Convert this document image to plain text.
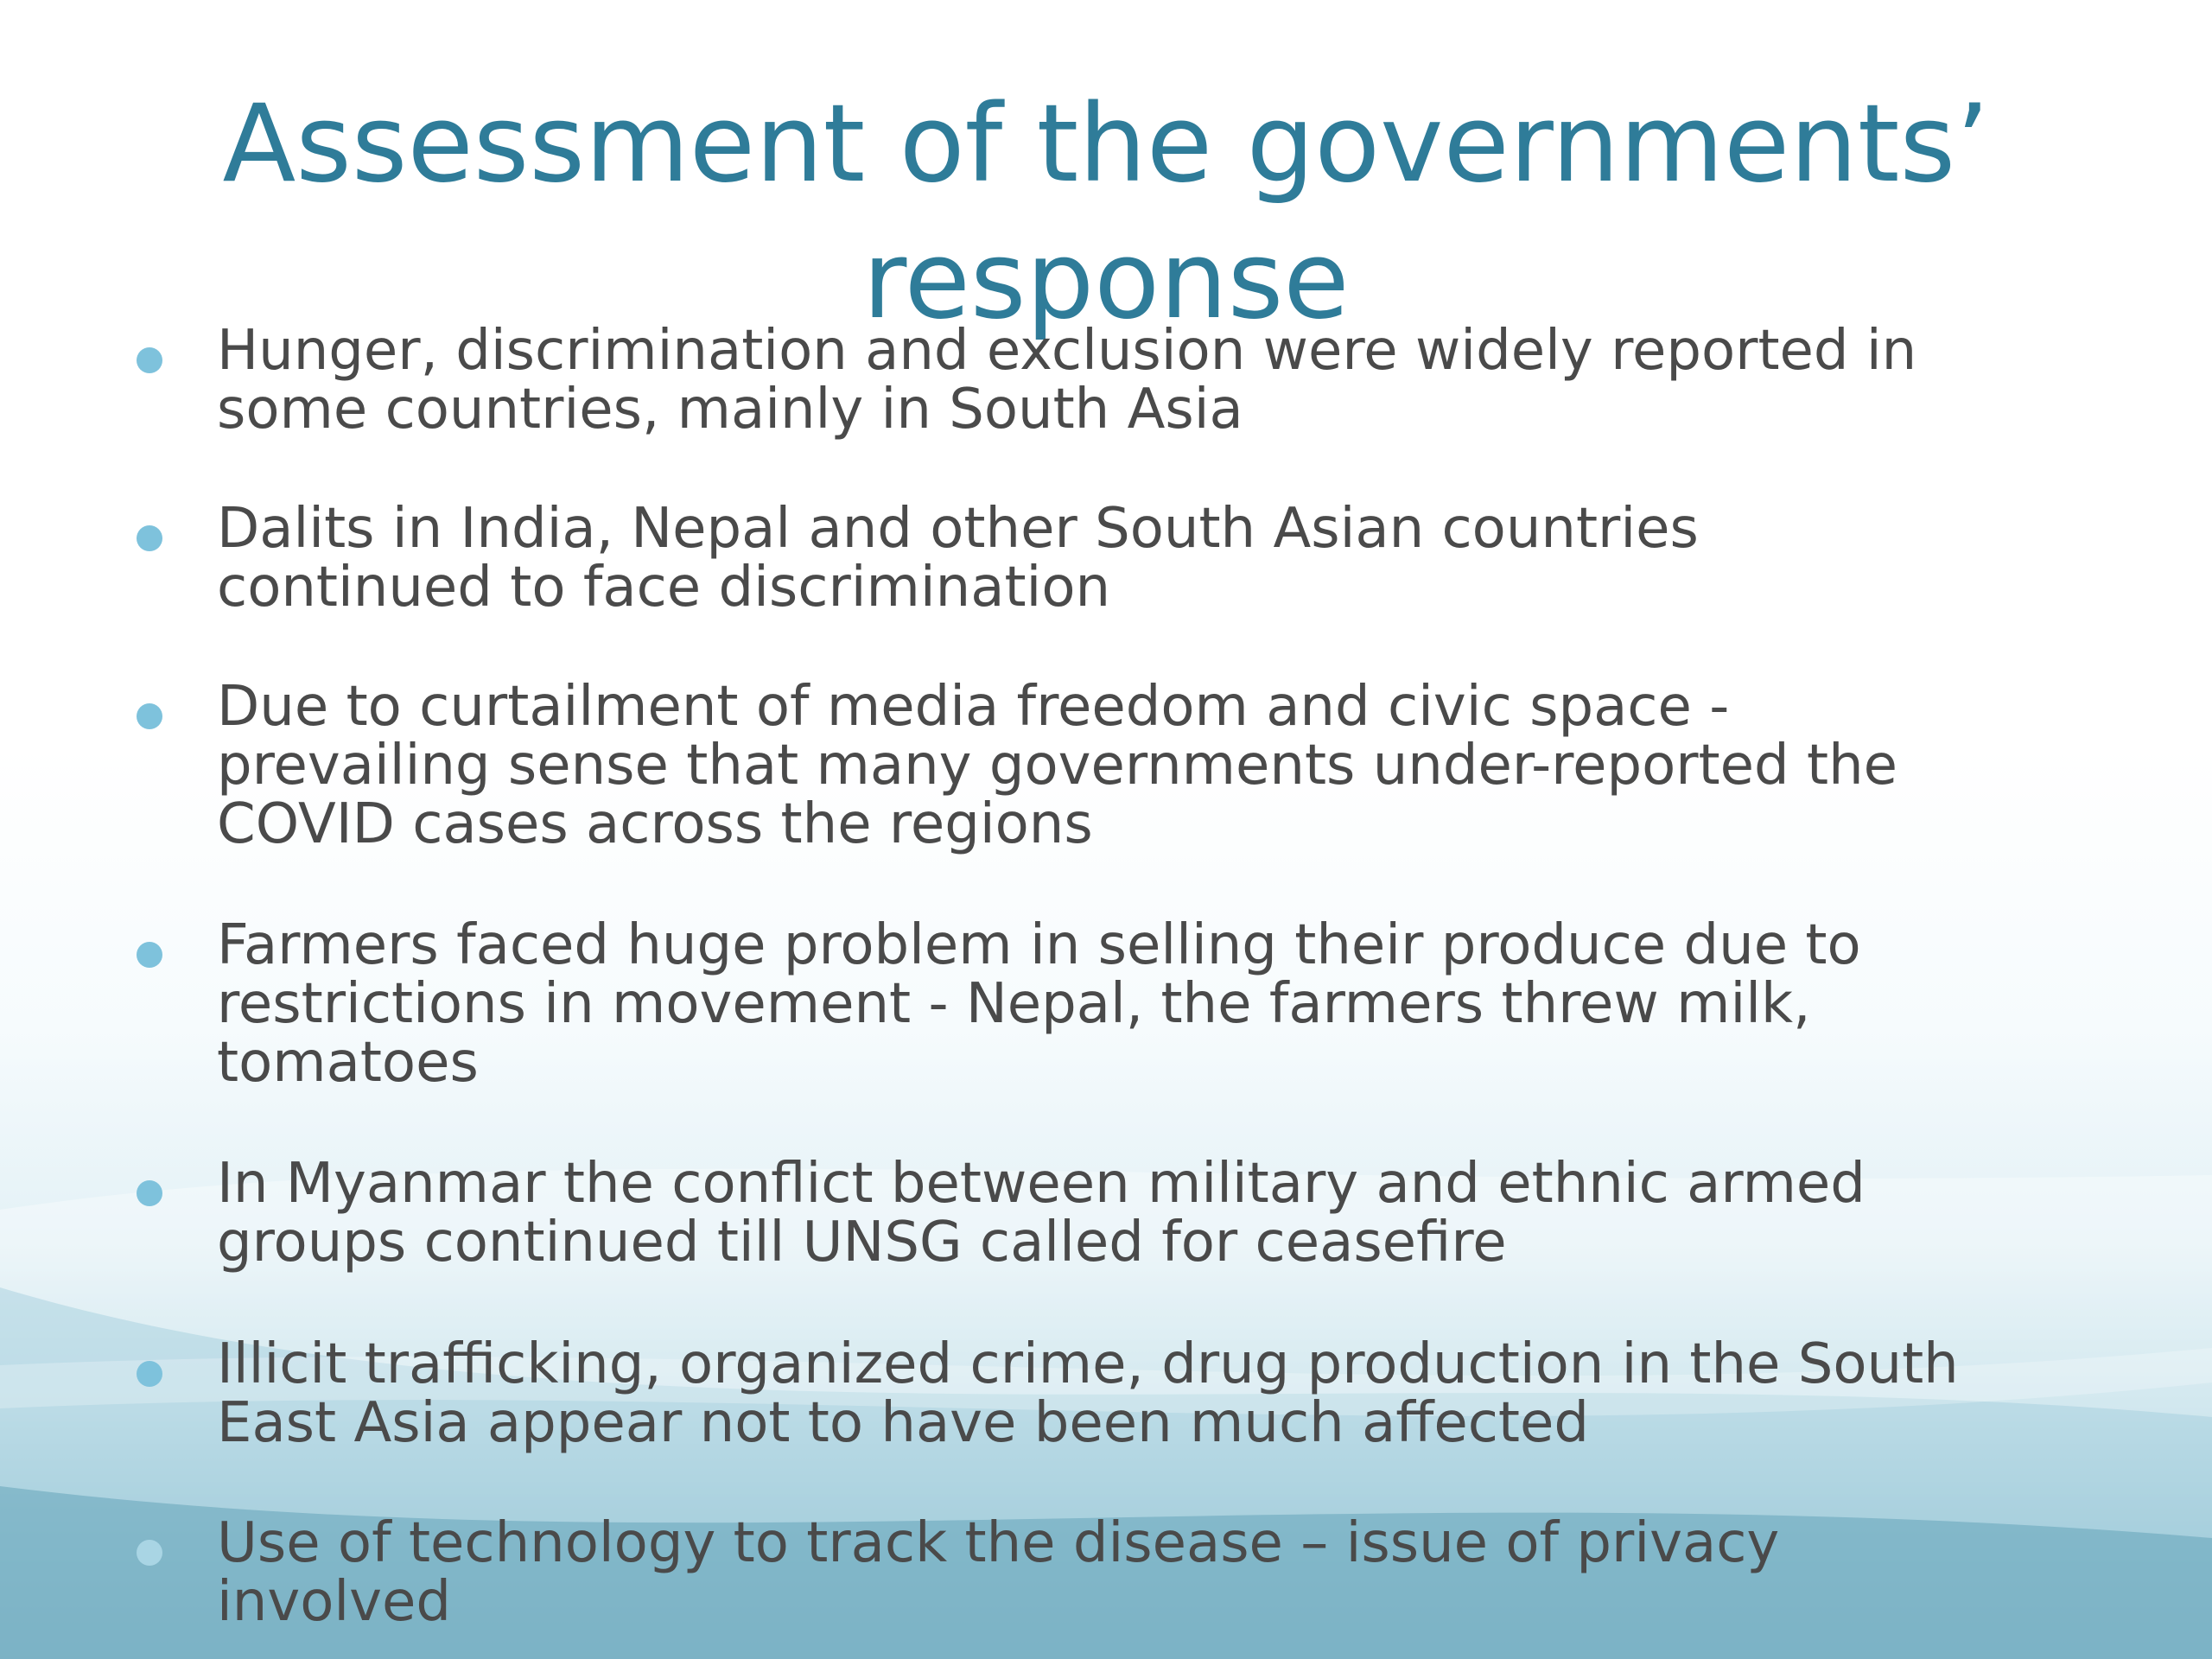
Assessment of the governments’
response
Hunger, discrimination and exclusion were widely reported in
some countries, mainly in South Asia
Dalits in India, Nepal and other South Asian countries
continued to face discrimination
Due to curtailment of media freedom and civic space -
prevailing sense that many governments under-reported the
COVID cases across the regions
Farmers faced huge problem in selling their produce due to
restrictions in movement - Nepal, the farmers threw milk,
tomatoes
In Myanmar the conflict between military and ethnic armed
groups continued till UNSG called for ceasefire
Illicit trafficking, organized crime, drug production in the South
East Asia appear not to have been much affected
Use of technology to track the disease – issue of privacy
involved
